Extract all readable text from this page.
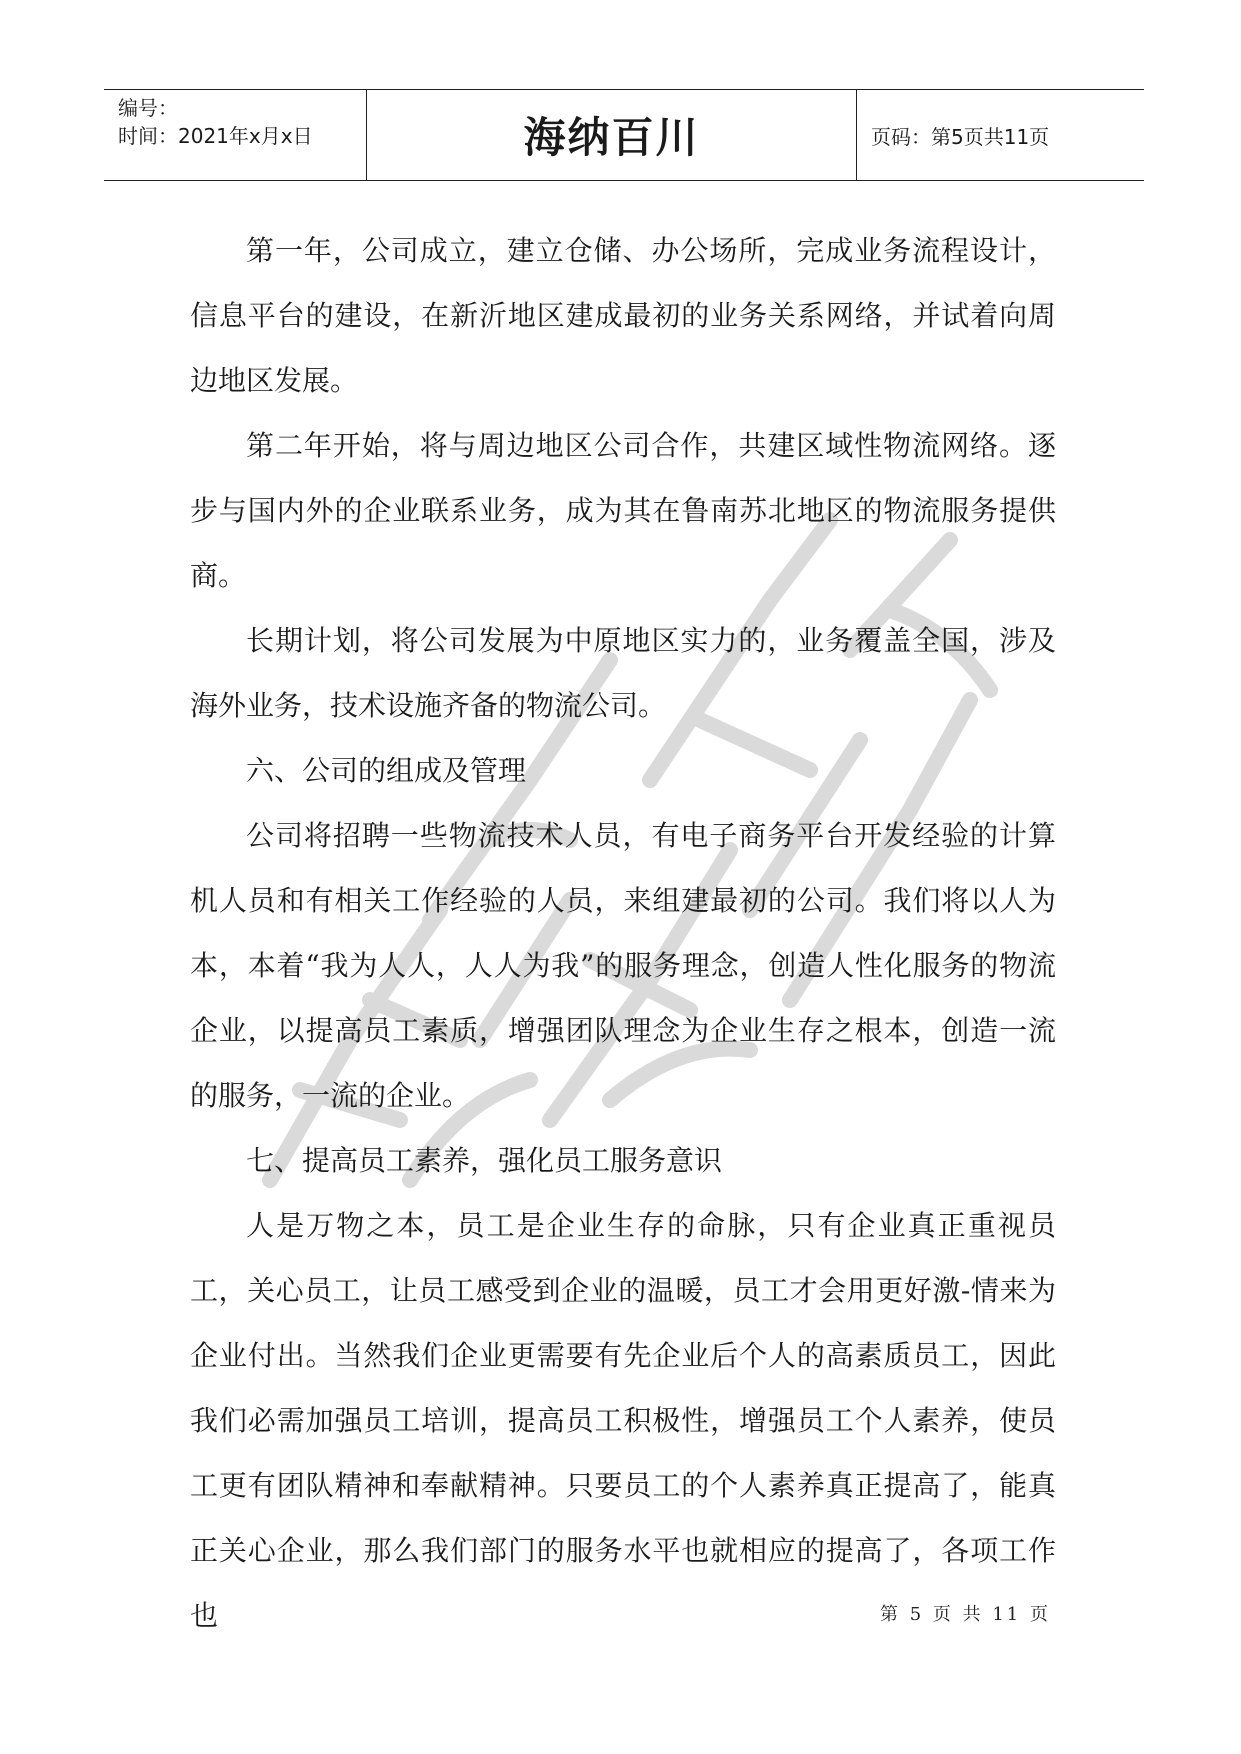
编号：
时间：2021年x月x日	海纳百川	页码：第5页共11页

第一年，公司成立，建立仓储、办公场所，完成业务流程设计，信息平台的建设，在新沂地区建成最初的业务关系网络，并试着向周边地区发展。

第二年开始，将与周边地区公司合作，共建区域性物流网络。逐步与国内外的企业联系业务，成为其在鲁南苏北地区的物流服务提供商。

长期计划，将公司发展为中原地区实力的，业务覆盖全国，涉及海外业务，技术设施齐备的物流公司。

六、公司的组成及管理

公司将招聘一些物流技术人员，有电子商务平台开发经验的计算机人员和有相关工作经验的人员，来组建最初的公司。我们将以人为本，本着“我为人人，人人为我”的服务理念，创造人性化服务的物流企业，以提高员工素质，增强团队理念为企业生存之根本，创造一流的服务，一流的企业。

七、提高员工素养，强化员工服务意识

人是万物之本，员工是企业生存的命脉，只有企业真正重视员工，关心员工，让员工感受到企业的温暖，员工才会用更好激-情来为企业付出。当然我们企业更需要有先企业后个人的高素质员工，因此我们必需加强员工培训，提高员工积极性，增强员工个人素养，使员工更有团队精神和奉献精神。只要员工的个人素养真正提高了，能真正关心企业，那么我们部门的服务水平也就相应的提高了，各项工作也	第 5 页 共 11 页
